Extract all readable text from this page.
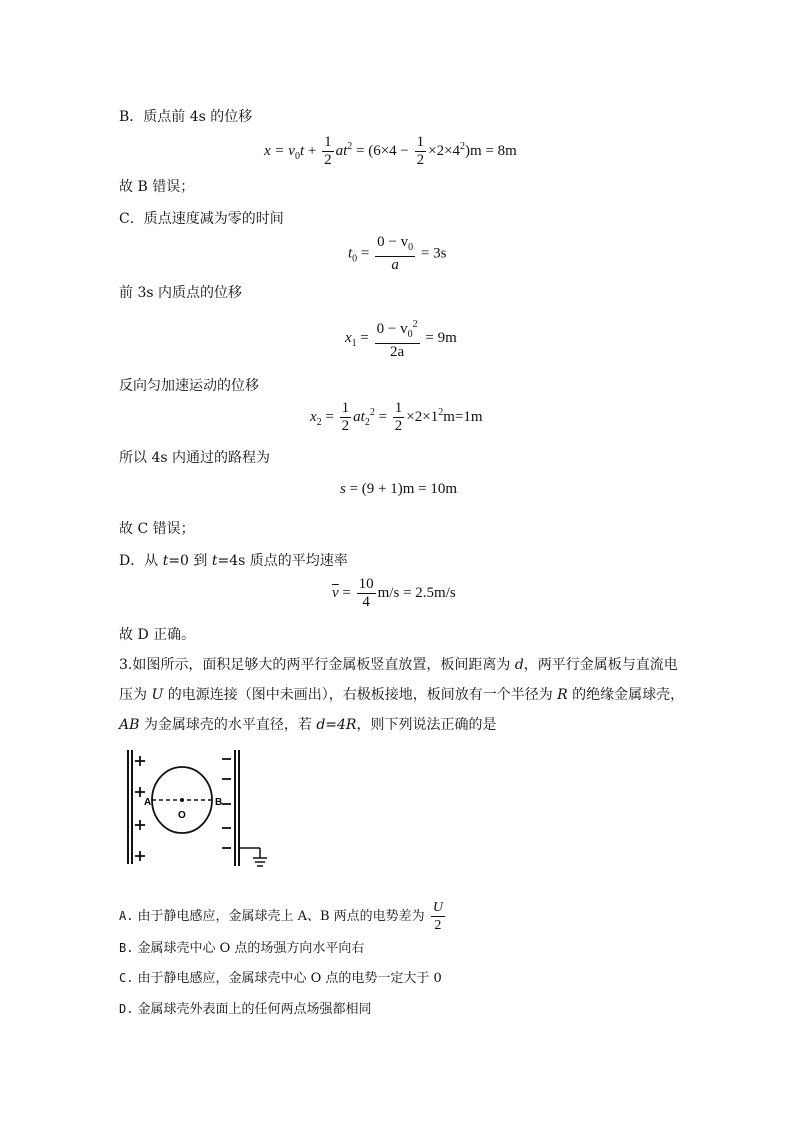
B．质点前 4s 的位移
$x = v_0t + \frac{1}{2} at^2 = (6\times 4 - \frac{1}{2} \times 2\times 4^2)m = 8m$
故 B 错误；
C．质点速度减为零的时间
$t_0 = \frac{0 - v_0}{a} = 3s$
前 3s 内质点的位移
$x_1 = \frac{0 - v_0^2}{2a} = 9m$
反向匀加速运动的位移
$x_2 = \frac{1}{2} at_2^2 = \frac{1}{2} \times 2\times 1^2m=1m$
所以 4s 内通过的路程为
s = (9 + 1)m = 10m
故 C 错误；
D．从 t=0 到 t=4s 质点的平均速率
$\overline{v} = \frac{10}{4} m/s = 2.5m/s$
故 D 正确。
3.如图所示，面积足够大的两平行金属板竖直放置，板间距离为 d，两平行金属板与直流电压为 U 的电源连接（图中未画出），右极板接地，板间放有一个半径为 R 的绝缘金属球壳，AB 为金属球壳的水平直径，若 d=4R，则下列说法正确的是
A	B
O
A. 由于静电感应，金属球壳上 A、B 两点的电势差为 $\frac{U}{2}$
B. 金属球壳中心 O 点的场强方向水平向右
C. 由于静电感应，金属球壳中心 O 点的电势一定大于 0
D. 金属球壳外表面上的任何两点场强都相同
